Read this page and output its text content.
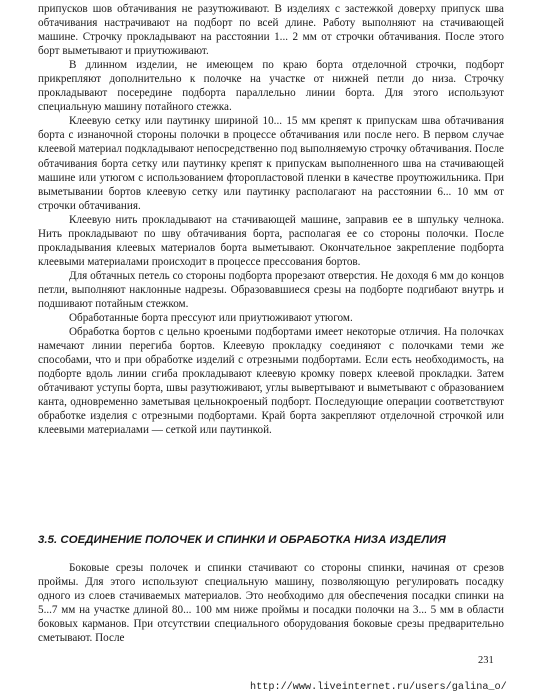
припусков шов обтачивания не разутюживают. В изделиях с застежкой доверху припуск шва обтачивания настрачивают на подборт по всей длине. Работу выполняют на стачивающей машине. Строчку прокладывают на расстоянии 1... 2 мм от строчки обтачивания. После этого борт выметывают и приутюживают.

В длинном изделии, не имеющем по краю борта отделочной строчки, подборт прикрепляют дополнительно к полочке на участке от нижней петли до низа. Строчку прокладывают посередине подборта параллельно линии борта. Для этого используют специальную машину потайного стежка.

Клеевую сетку или паутинку шириной 10... 15 мм крепят к припускам шва обтачивания борта с изнаночной стороны полочки в процессе обтачивания или после него. В первом случае клеевой материал подкладывают непосредственно под выполняемую строчку обтачивания. После обтачивания борта сетку или паутинку крепят к припускам выполненного шва на стачивающей машине или утюгом с использованием фторопластовой пленки в качестве проутюжильника. При выметывании бортов клеевую сетку или паутинку располагают на расстоянии 6... 10 мм от строчки обтачивания.

Клеевую нить прокладывают на стачивающей машине, заправив ее в шпульку челнока. Нить прокладывают по шву обтачивания борта, располагая ее со стороны полочки. После прокладывания клеевых материалов борта выметывают. Окончательное закрепление подборта клеевыми материалами происходит в процессе прессования бортов.

Для обтачных петель со стороны подборта прорезают отверстия. Не доходя 6 мм до концов петли, выполняют наклонные надрезы. Образовавшиеся срезы на подборте подгибают внутрь и подшивают потайным стежком.

Обработанные борта прессуют или приутюживают утюгом.

Обработка бортов с цельно кроеными подбортами имеет некоторые отличия. На полочках намечают линии перегиба бортов. Клеевую прокладку соединяют с полочками теми же способами, что и при обработке изделий с отрезными подбортами. Если есть необходимость, на подборте вдоль линии сгиба прокладывают клеевую кромку поверх клеевой прокладки. Затем обтачивают уступы борта, швы разутюживают, углы вывертывают и выметывают с образованием канта, одновременно заметывая цельнокроеный подборт. Последующие операции соответствуют обработке изделия с отрезными подбортами. Край борта закрепляют отделочной строчкой или клеевыми материалами — сеткой или паутинкой.

3.5. СОЕДИНЕНИЕ ПОЛОЧЕК И СПИНКИ И ОБРАБОТКА НИЗА ИЗДЕЛИЯ

Боковые срезы полочек и спинки стачивают со стороны спинки, начиная от срезов проймы. Для этого используют специальную машину, позволяющую регулировать посадку одного из слоев стачиваемых материалов. Это необходимо для обеспечения посадки спинки на 5...7 мм на участке длиной 80... 100 мм ниже проймы и посадки полочки на 3... 5 мм в области боковых карманов. При отсутствии специального оборудования боковые срезы предварительно сметывают. После

231
http://www.liveinternet.ru/users/galina_o/
